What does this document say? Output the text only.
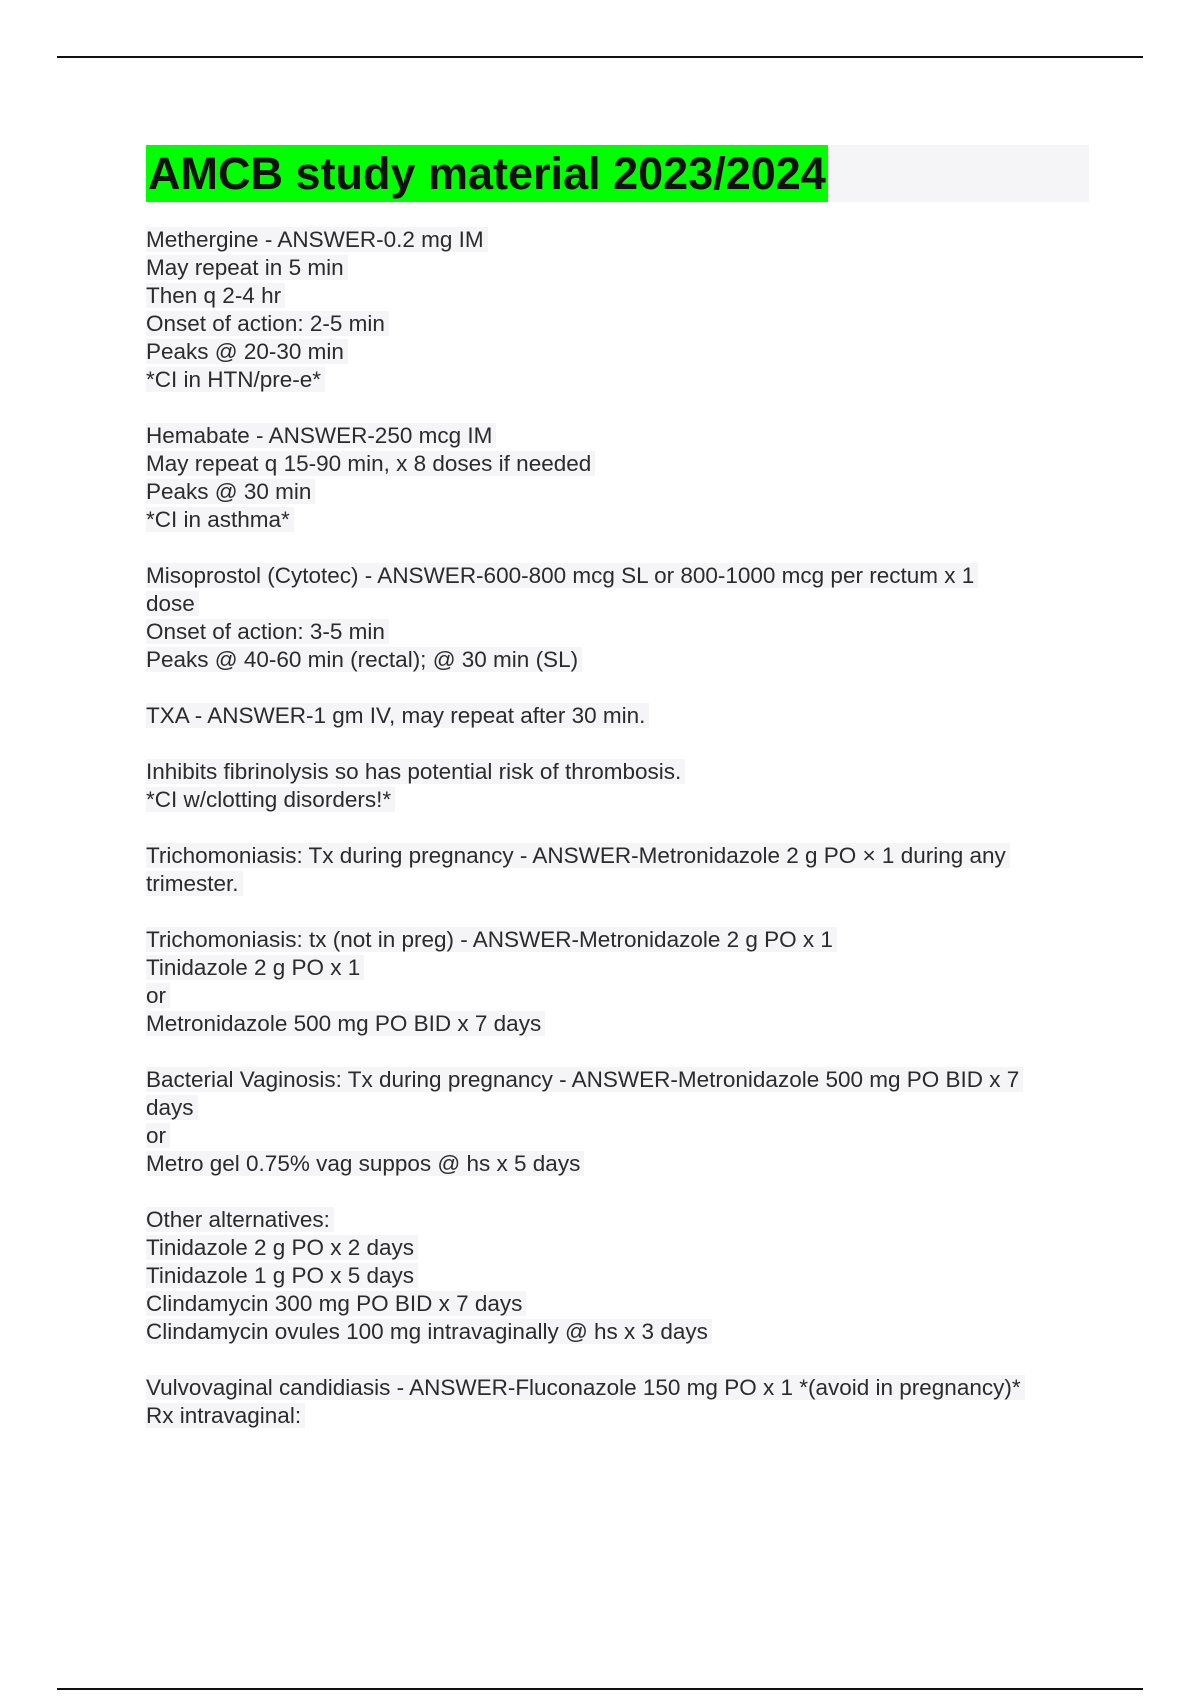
AMCB study material 2023/2024
Methergine - ANSWER-0.2 mg IM
May repeat in 5 min
Then q 2-4 hr
Onset of action: 2-5 min
Peaks @ 20-30 min
*CI in HTN/pre-e*
Hemabate - ANSWER-250 mcg IM
May repeat q 15-90 min, x 8 doses if needed
Peaks @ 30 min
*CI in asthma*
Misoprostol (Cytotec) - ANSWER-600-800 mcg SL or 800-1000 mcg per rectum x 1
dose
Onset of action: 3-5 min
Peaks @ 40-60 min (rectal); @ 30 min (SL)
TXA - ANSWER-1 gm IV, may repeat after 30 min.
Inhibits fibrinolysis so has potential risk of thrombosis.
*CI w/clotting disorders!*
Trichomoniasis: Tx during pregnancy - ANSWER-Metronidazole 2 g PO × 1 during any
trimester.
Trichomoniasis: tx (not in preg) - ANSWER-Metronidazole 2 g PO x 1
Tinidazole 2 g PO x 1
or
Metronidazole 500 mg PO BID x 7 days
Bacterial Vaginosis: Tx during pregnancy - ANSWER-Metronidazole 500 mg PO BID x 7
days
or
Metro gel 0.75% vag suppos @ hs x 5 days
Other alternatives:
Tinidazole 2 g PO x 2 days
Tinidazole 1 g PO x 5 days
Clindamycin 300 mg PO BID x 7 days
Clindamycin ovules 100 mg intravaginally @ hs x 3 days
Vulvovaginal candidiasis - ANSWER-Fluconazole 150 mg PO x 1 *(avoid in pregnancy)*
Rx intravaginal:
